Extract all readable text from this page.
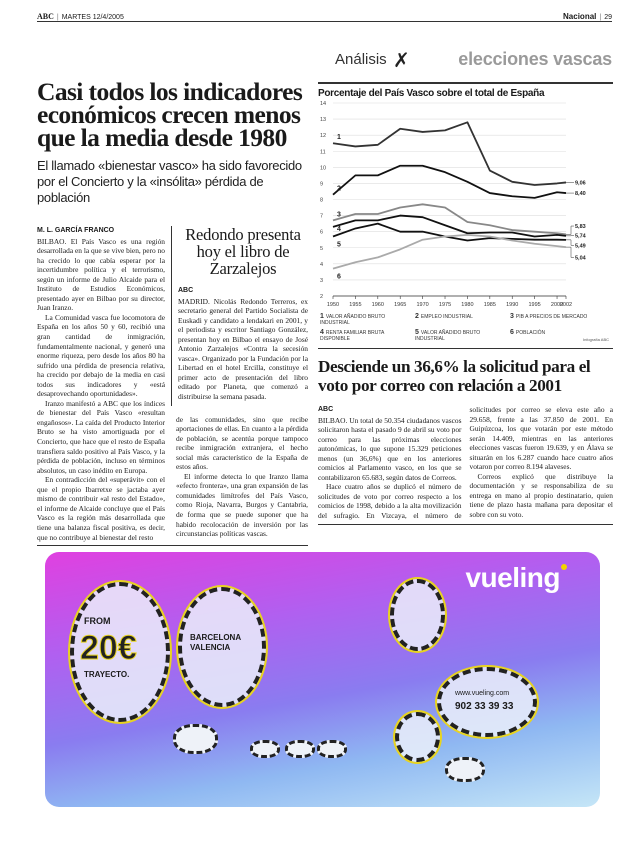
ABC | MARTES 12/4/2005	Nacional | 29
Análisis ✗	elecciones vascas
Casi todos los indicadores económicos crecen menos que la media desde 1980
El llamado «bienestar vasco» ha sido favorecido por el Concierto y la «insólita» pérdida de población
M. L. GARCÍA FRANCO

BILBAO. El País Vasco es una región desarrollada en la que se vive bien, pero no ha crecido lo que cabía esperar por la incertidumbre política y el terrorismo, según un informe de Julio Alcaide para el Instituto de Estudios Económicos, presentado ayer en Bilbao por su director, Juan Iranzo.

La Comunidad vasca fue locomotora de España en los años 50 y 60, recibió una gran cantidad de inmigración, fundamentalmente nacional, y generó una enorme riqueza, pero desde los años 80 ha sufrido una pérdida de presencia relativa, ha crecido por debajo de la media en casi todos sus indicadores y «está desaprovechando oportunidades».

Iranzo manifestó a ABC que los índices de bienestar del País Vasco «resultan engañosos». La caída del Producto Interior Bruto se ha visto amortiguada por el Concierto, que hace que el resto de España transfiera saldo positivo al País Vasco, y la pérdida de población, incluso en términos absolutos, un caso inédito en Europa.

En contradicción del «superávit» con el que el propio Ibarretxe se jactaba ayer mismo de contribuir «al resto del Estado», el informe de Alcaide concluye que el País Vasco es la región más desarrollada que tiene una balanza fiscal positiva, es decir, que no contribuye al bienestar del resto

Redondo presenta hoy el libro de Zarzalejos
ABC

MADRID. Nicolás Redondo Terreros, ex secretario general del Partido Socialista de Euskadi y candidato a lendakari en 2001, y el periodista y escritor Santiago González, presentan hoy en Bilbao el ensayo de José Antonio Zarzalejos «Contra la secesión vasca». Organizado por la Fundación por la Libertad en el hotel Ercilla, constituye el primer acto de presentación del libro editado por Planeta, que comenzó a distribuirse la semana pasada.

de las comunidades, sino que recibe aportaciones de ellas. En cuanto a la pérdida de población, se acentúa porque tampoco recibe inmigración extranjera, el hecho social más característico de la España de estos años.

El informe detecta lo que Iranzo llama «efecto frontera», una gran expansión de las comunidades limítrofes del País Vasco, como Rioja, Navarra, Burgos y Cantabria, de forma que se puede suponer que ha habido recolocación de inversión por las circunstancias políticas vascas.

Porcentaje del País Vasco sobre el total de España
2
3
4
5
6
7
8
9
10
11
12
13
14
1950 1955 1960 1965 1970 1975 1980 1985 1990 1995 2000
2002
1
9,06
2
8,40
3
5,83
4
5,74
5	5,49
6
5,04
1 VALOR AÑADIDO BRUTO INDUSTRIAL2 EMPLEO INDUSTRIAL	3 PIB A PRECIOS DE MERCADO4 RENTA FAMILIAR BRUTA DISPONIBLE5 VALOR AÑADIDO BRUTO INDUSTRIAL6 POBLACIÓN
Infografía ABC
Desciende un 36,6% la solicitud para el voto por correo con relación a 2001
ABC

BILBAO. Un total de 50.354 ciudadanos vascos solicitaron hasta el pasado 9 de abril su voto por correo para las próximas elecciones autonómicas, lo que supone 15.329 peticiones menos (un 36,6%) que en los anteriores comicios al Parlamento vasco, en los que se contabilizaron 65.683, según datos de Correos.

Hace cuatro años se duplicó el número de solicitudes de voto por correo respecto a los comicios de 1998, debido a la alta movilización del sufragio. En Vizcaya, el número de solicitudes por correo se eleva este año a 29.658, frente a las 37.850 de 2001. En Guipúzcoa, los que votarán por este método serán 14.409, mientras en las anteriores elecciones vascas fueron 19.639, y en Álava se situarán en los 6.287 cuando hace cuatro años votaron por correo 8.194 alaveses.

Correos explicó que distribuye la documentación y se responsabiliza de su entrega en mano al propio destinatario, quien tiene de plazo hasta mañana para depositar el sobre con su voto.

FROM
20€
TRAYECTO.
BARCELONA VALENCIA
www.vueling.com
902 33 39 33
vueling
